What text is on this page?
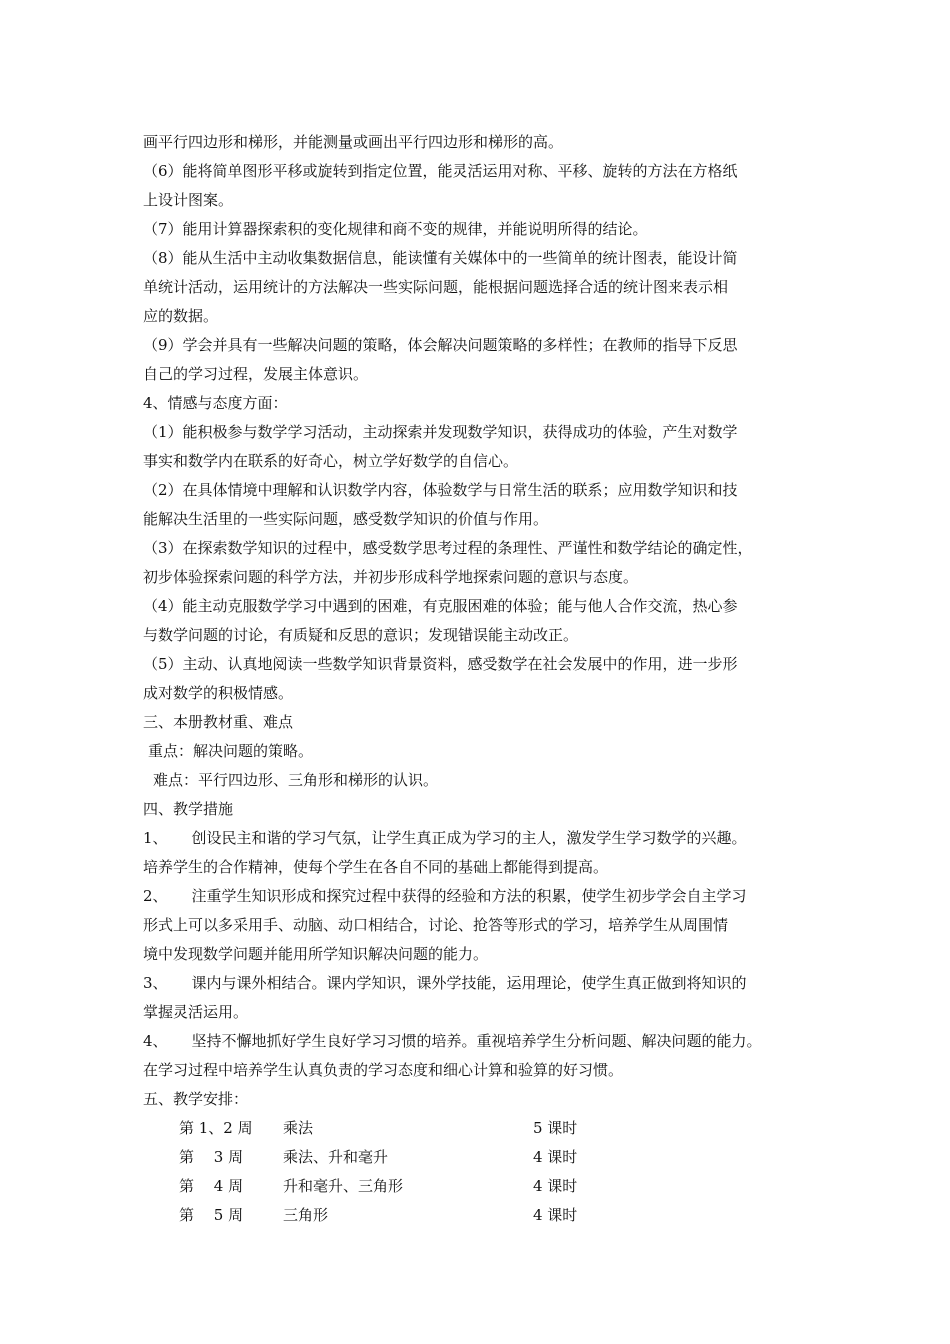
画平行四边形和梯形，并能测量或画出平行四边形和梯形的高。
（6）能将简单图形平移或旋转到指定位置，能灵活运用对称、平移、旋转的方法在方格纸
上设计图案。
（7）能用计算器探索积的变化规律和商不变的规律，并能说明所得的结论。
（8）能从生活中主动收集数据信息，能读懂有关媒体中的一些简单的统计图表，能设计简
单统计活动，运用统计的方法解决一些实际问题，能根据问题选择合适的统计图来表示相
应的数据。
（9）学会并具有一些解决问题的策略，体会解决问题策略的多样性；在教师的指导下反思
自己的学习过程，发展主体意识。
4、情感与态度方面：
（1）能积极参与数学学习活动，主动探索并发现数学知识，获得成功的体验，产生对数学
事实和数学内在联系的好奇心，树立学好数学的自信心。
（2）在具体情境中理解和认识数学内容，体验数学与日常生活的联系；应用数学知识和技
能解决生活里的一些实际问题，感受数学知识的价值与作用。
（3）在探索数学知识的过程中，感受数学思考过程的条理性、严谨性和数学结论的确定性，
初步体验探索问题的科学方法，并初步形成科学地探索问题的意识与态度。
（4）能主动克服数学学习中遇到的困难，有克服困难的体验；能与他人合作交流，热心参
与数学问题的讨论，有质疑和反思的意识；发现错误能主动改正。
（5）主动、认真地阅读一些数学知识背景资料，感受数学在社会发展中的作用，进一步形
成对数学的积极情感。
三、本册教材重、难点
重点：解决问题的策略。
难点：平行四边形、三角形和梯形的认识。
四、教学措施
1、 创设民主和谐的学习气氛，让学生真正成为学习的主人，激发学生学习数学的兴趣。
培养学生的合作精神，使每个学生在各自不同的基础上都能得到提高。
2、 注重学生知识形成和探究过程中获得的经验和方法的积累，使学生初步学会自主学习
形式上可以多采用手、动脑、动口相结合，讨论、抢答等形式的学习，培养学生从周围情
境中发现数学问题并能用所学知识解决问题的能力。
3、 课内与课外相结合。课内学知识，课外学技能，运用理论，使学生真正做到将知识的
掌握灵活运用。
4、 坚持不懈地抓好学生良好学习习惯的培养。重视培养学生分析问题、解决问题的能力。
在学习过程中培养学生认真负责的学习态度和细心计算和验算的好习惯。
五、教学安排：
第 1、2 周 乘法	5 课时
第 　3 周	乘法、升和毫升	4 课时
第 　4 周	升和毫升、三角形	4 课时
第 　5 周	三角形	4 课时
